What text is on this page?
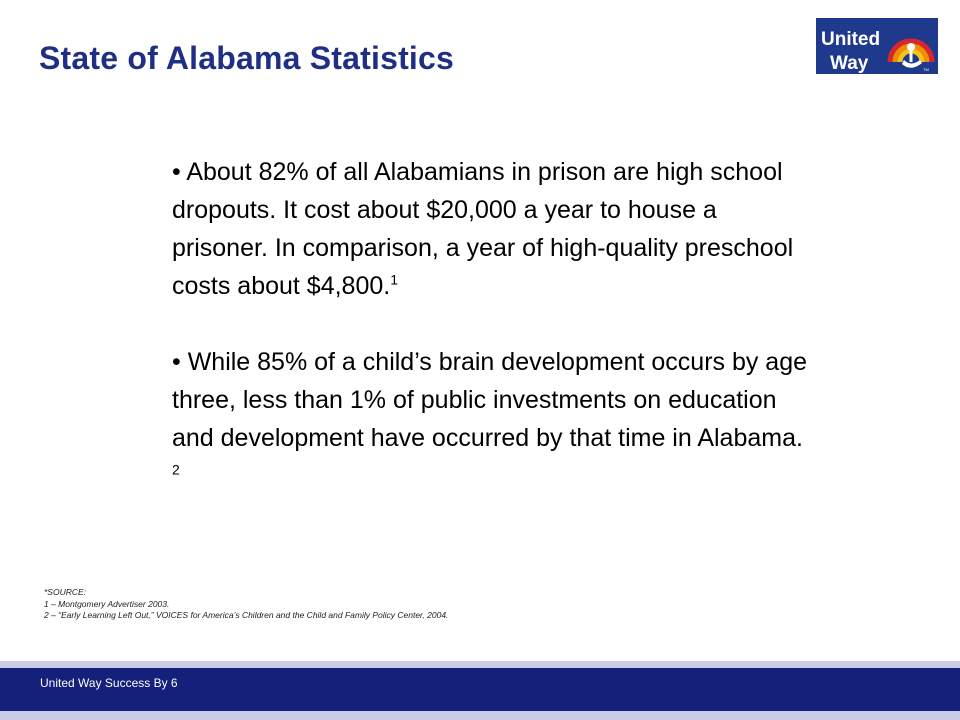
State of Alabama Statistics
United
Way	TM

• About 82% of all Alabamians in prison are high school dropouts. It cost about $20,000 a year to house a prisoner. In comparison, a year of high-quality preschool costs about $4,800.$^1$

• While 85% of a child’s brain development occurs by age three, less than 1% of public investments on education and development have occurred by that time in Alabama. $^2$

*SOURCE:
1 – Montgomery Advertiser 2003.
2 – “Early Learning Left Out,” VOICES for America’s Children and the Child and Family Policy Center, 2004.
United Way Success By 6
